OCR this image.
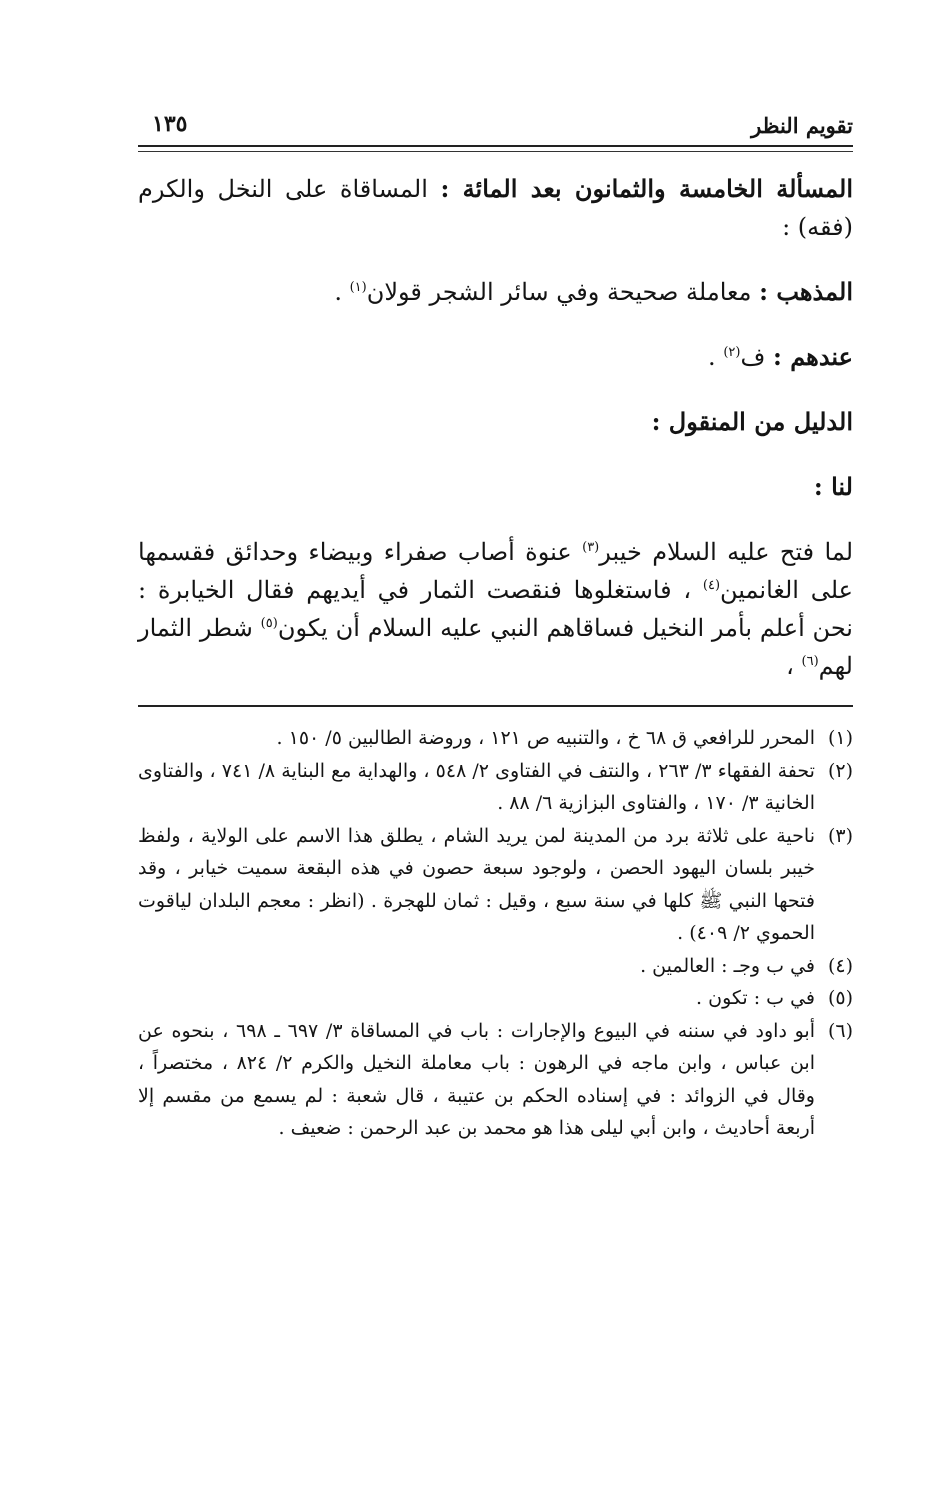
تقويم النظر
١٣٥

المسألة الخامسة والثمانون بعد المائة : المساقاة على النخل والكرم (فقه) :

المذهب : معاملة صحيحة وفي سائر الشجر قولان$^{(١)}$ .

عندهم : ف$^{(٢)}$ .

الدليل من المنقول :

لنا :

لما فتح عليه السلام خيبر$^{(٣)}$ عنوة أصاب صفراء وبيضاء وحدائق فقسمها على الغانمين$^{(٤)}$ ، فاستغلوها فنقصت الثمار في أيديهم فقال الخيابرة : نحن أعلم بأمر النخيل فساقاهم النبي عليه السلام أن يكون$^{(٥)}$ شطر الثمار لهم$^{(٦)}$ ،

(١)

المحرر للرافعي ق ٦٨ خ ، والتنبيه ص ١٢١ ، وروضة الطالبين ٥/ ١٥٠ .

(٢)

تحفة الفقهاء ٣/ ٢٦٣ ، والنتف في الفتاوى ٢/ ٥٤٨ ، والهداية مع البناية ٨/ ٧٤١ ، والفتاوى الخانية ٣/ ١٧٠ ، والفتاوى البزازية ٦/ ٨٨ .

(٣)

ناحية على ثلاثة برد من المدينة لمن يريد الشام ، يطلق هذا الاسم على الولاية ، ولفظ خيبر بلسان اليهود الحصن ، ولوجود سبعة حصون في هذه البقعة سميت خيابر ، وقد فتحها النبي ﷺ كلها في سنة سبع ، وقيل : ثمان للهجرة . (انظر : معجم البلدان لياقوت الحموي ٢/ ٤٠٩) .

(٤)

في ب وجـ : العالمين .

(٥)

في ب : تكون .

(٦)

أبو داود في سننه في البيوع والإجارات : باب في المساقاة ٣/ ٦٩٧ ـ ٦٩٨ ، بنحوه عن ابن عباس ، وابن ماجه في الرهون : باب معاملة النخيل والكرم ٢/ ٨٢٤ ، مختصراً ، وقال في الزوائد : في إسناده الحكم بن عتيبة ، قال شعبة : لم يسمع من مقسم إلا أربعة أحاديث ، وابن أبي ليلى هذا هو محمد بن عبد الرحمن : ضعيف .
